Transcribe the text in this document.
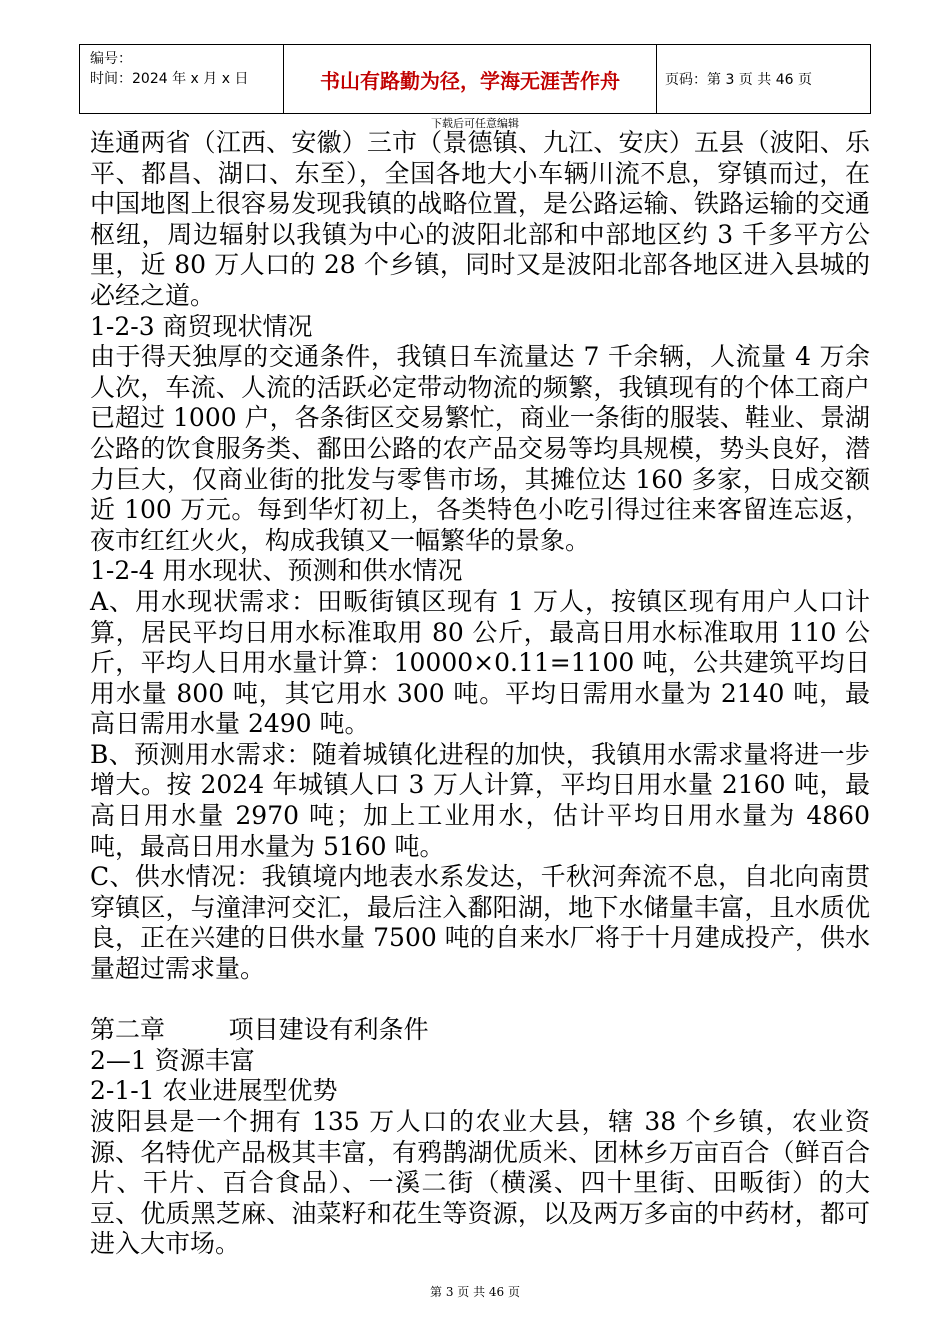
编号：
时间：2024 年 x 月 x 日	书山有路勤为径，学海无涯苦作舟	页码：第 3 页 共 46 页
下载后可任意编辑

连通两省（江西、安徽）三市（景德镇、九江、安庆）五县（波阳、乐平、都昌、湖口、东至），全国各地大小车辆川流不息，穿镇而过，在中国地图上很容易发现我镇的战略位置，是公路运输、铁路运输的交通枢纽，周边辐射以我镇为中心的波阳北部和中部地区约 3 千多平方公里，近 80 万人口的 28 个乡镇，同时又是波阳北部各地区进入县城的必经之道。

1-2-3 商贸现状情况

由于得天独厚的交通条件，我镇日车流量达 7 千余辆，人流量 4 万余人次，车流、人流的活跃必定带动物流的频繁，我镇现有的个体工商户已超过 1000 户，各条街区交易繁忙，商业一条街的服装、鞋业、景湖公路的饮食服务类、鄱田公路的农产品交易等均具规模，势头良好，潜力巨大，仅商业街的批发与零售市场，其摊位达 160 多家，日成交额近 100 万元。每到华灯初上，各类特色小吃引得过往来客留连忘返，夜市红红火火，构成我镇又一幅繁华的景象。

1-2-4 用水现状、预测和供水情况

A、用水现状需求：田畈街镇区现有 1 万人，按镇区现有用户人口计算，居民平均日用水标准取用 80 公斤，最高日用水标准取用 110 公斤，平均人日用水量计算：10000×0.11=1100 吨，公共建筑平均日用水量 800 吨，其它用水 300 吨。平均日需用水量为 2140 吨，最高日需用水量 2490 吨。

B、预测用水需求：随着城镇化进程的加快，我镇用水需求量将进一步增大。按 2024 年城镇人口 3 万人计算，平均日用水量 2160 吨，最高日用水量 2970 吨；加上工业用水，估计平均日用水量为 4860 吨，最高日用水量为 5160 吨。

C、供水情况：我镇境内地表水系发达，千秋河奔流不息，自北向南贯穿镇区，与潼津河交汇，最后注入鄱阳湖，地下水储量丰富，且水质优良，正在兴建的日供水量 7500 吨的自来水厂将于十月建成投产，供水量超过需求量。

第二章        项目建设有利条件

2—1 资源丰富

2-1-1 农业进展型优势

波阳县是一个拥有 135 万人口的农业大县，辖 38 个乡镇，农业资源、名特优产品极其丰富，有鸦鹊湖优质米、团林乡万亩百合（鲜百合片、干片、百合食品）、一溪二街（横溪、四十里街、田畈街）的大豆、优质黑芝麻、油菜籽和花生等资源，以及两万多亩的中药材，都可进入大市场。

第 3 页 共 46 页
